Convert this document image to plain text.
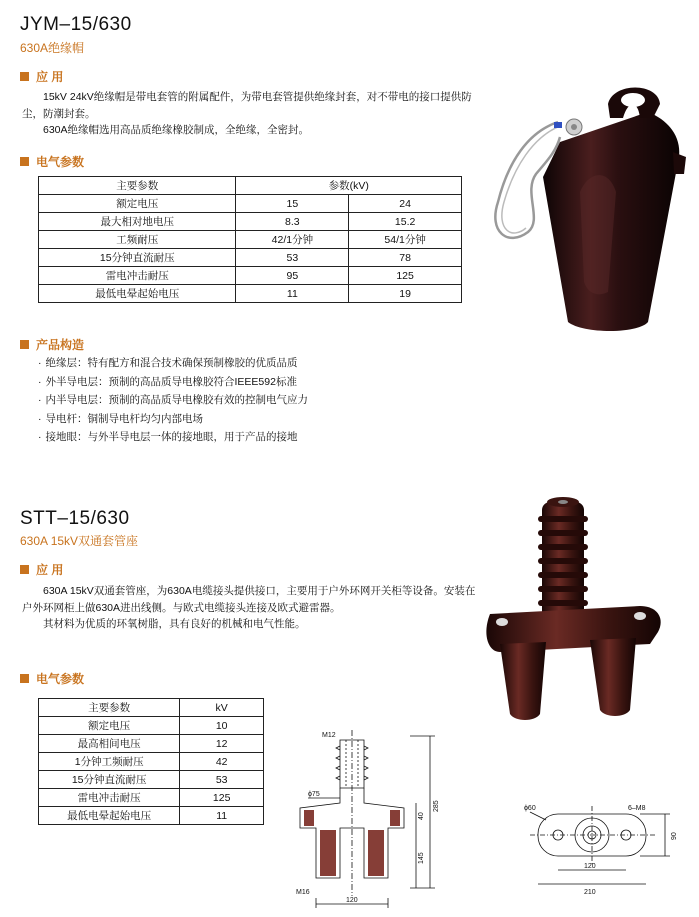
JYM–15/630
630A绝缘帽
应 用

15kV 24kV绝缘帽是带电套管的附属配件，为带电套管提供绝缘封套，对不带电的接口提供防尘，防潮封套。

630A绝缘帽选用高品质绝缘橡胶制成，全绝缘，全密封。

电气参数
主要参数	参数(kV)	
额定电压	15	24
最大相对地电压	8.3	15.2
工频耐压	42/1分钟	54/1分钟
15分钟直流耐压	53	78
雷电冲击耐压	95	125
最低电晕起始电压	11	19
产品构造
· 绝缘层：特有配方和混合技术确保预制橡胶的优质品质
· 外半导电层：预制的高品质导电橡胶符合IEEE592标准
· 内半导电层：预制的高品质导电橡胶有效的控制电气应力
· 导电杆：铜制导电杆均匀内部电场
· 接地眼：与外半导电层一体的接地眼，用于产品的接地
STT–15/630
630A 15kV双通套管座
应 用

630A 15kV双通套管座，为630A电缆接头提供接口，主要用于户外环网开关柜等设备。安装在户外环网柜上做630A进出线侧。与欧式电缆接头连接及欧式避雷器。

其材料为优质的环氧树脂，具有良好的机械和电气性能。

电气参数
主要参数	kV
额定电压	10
最高相间电压	12
1分钟工频耐压	42
15分钟直流耐压	53
雷电冲击耐压	125
最低电晕起始电压	11
M12
ϕ75
M16
120
285
40
145
ϕ60	6–M8
90
120
210
